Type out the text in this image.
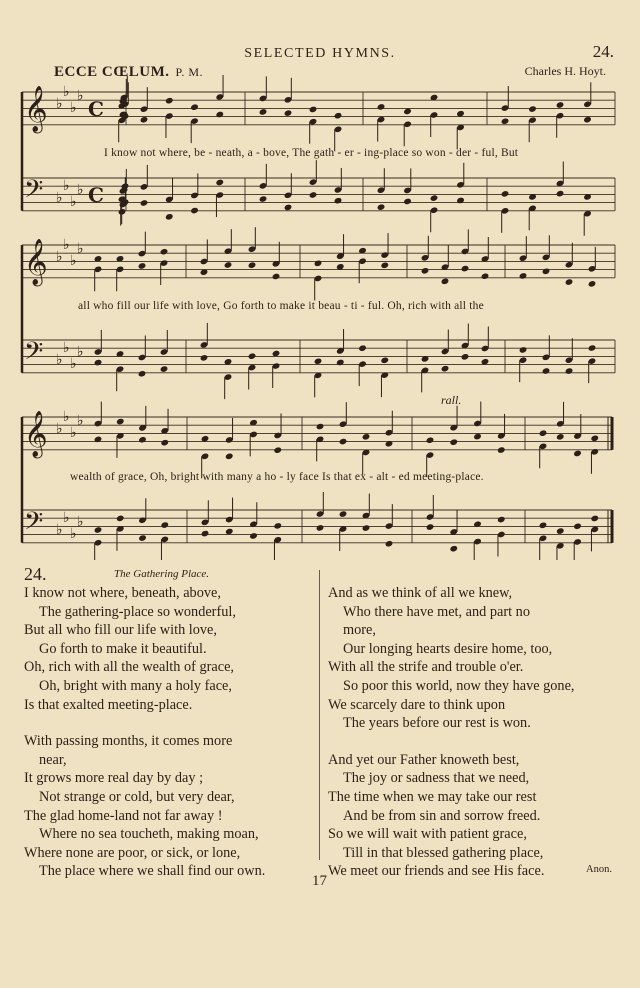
SELECTED HYMNS.	24.
ECCE CŒLUM. P. M.	Charles H. Hoyt.
𝄞 ♭
♭
♭
♭
C
𝄢 ♭
♭
♭
♭ C
𝄞 ♭
♭
♭
♭
𝄢 ♭
♭
♭
♭
𝄞 ♭
♭
♭
♭
𝄢 ♭
♭
♭
♭
I know not where, be - neath, a - bove, The gath - er - ing-place so won - der - ful, But
all who fill our life with love, Go forth to make it beau - ti - ful. Oh, rich with all the
wealth of grace, Oh, bright with many a ho - ly face Is that ex - alt - ed meeting-place.
rall.
24.	The Gathering Place.
I know not where, beneath, above,
The gathering-place so wonderful,
But all who fill our life with love,
Go forth to make it beautiful.
Oh, rich with all the wealth of grace,
Oh, bright with many a holy face,
Is that exalted meeting-place.
With passing months, it comes more
near,
It grows more real day by day ;
Not strange or cold, but very dear,
The glad home-land not far away !
Where no sea toucheth, making moan,
Where none are poor, or sick, or lone,
The place where we shall find our own.
And as we think of all we knew,
Who there have met, and part no
more,
Our longing hearts desire home, too,
With all the strife and trouble o'er.
So poor this world, now they have gone,
We scarcely dare to think upon
The years before our rest is won.
And yet our Father knoweth best,
The joy or sadness that we need,
The time when we may take our rest
And be from sin and sorrow freed.
So we will wait with patient grace,
Till in that blessed gathering place,
We meet our friends and see His face.	Anon.
17
